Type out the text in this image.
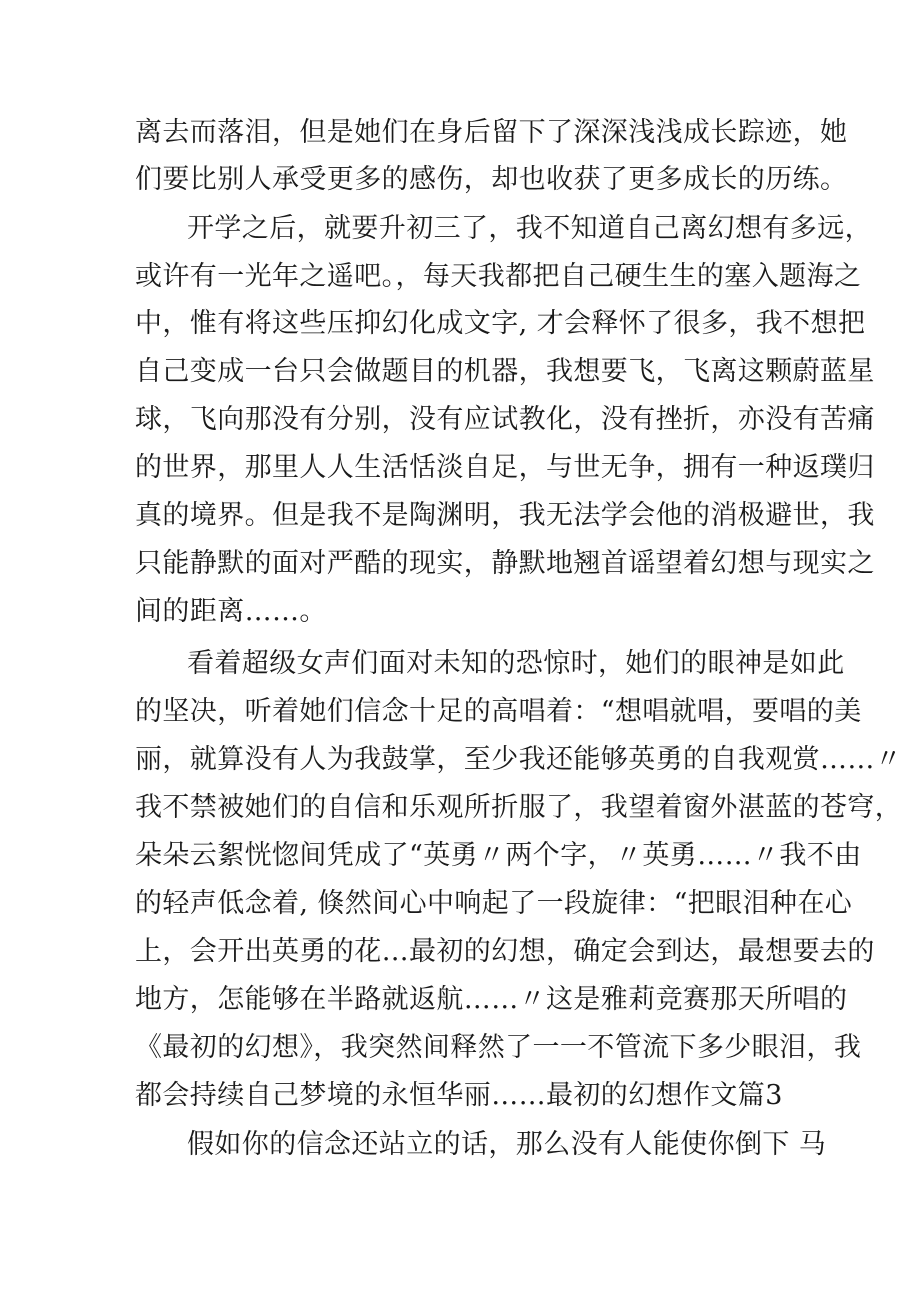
离去而落泪，但是她们在身后留下了深深浅浅成长踪迹，她
们要比别人承受更多的感伤，却也收获了更多成长的历练。
开学之后，就要升初三了，我不知道自己离幻想有多远，
或许有一光年之遥吧。，每天我都把自己硬生生的塞入题海之
中，惟有将这些压抑幻化成文字, 才会释怀了很多，我不想把
自己变成一台只会做题目的机器，我想要飞，飞离这颗蔚蓝星
球，飞向那没有分别，没有应试教化，没有挫折，亦没有苦痛
的世界，那里人人生活恬淡自足，与世无争，拥有一种返璞归
真的境界。但是我不是陶渊明，我无法学会他的消极避世，我
只能静默的面对严酷的现实，静默地翘首谣望着幻想与现实之
间的距离……。
看着超级女声们面对未知的恐惊时，她们的眼神是如此
的坚决，听着她们信念十足的高唱着：“想唱就唱，要唱的美
丽，就算没有人为我鼓掌，至少我还能够英勇的自我观赏……〃
我不禁被她们的自信和乐观所折服了，我望着窗外湛蓝的苍穹，
朵朵云絮恍惚间凭成了“英勇〃两个字，〃英勇……〃我不由
的轻声低念着, 倏然间心中响起了一段旋律：“把眼泪种在心
上，会开出英勇的花…最初的幻想，确定会到达，最想要去的
地方，怎能够在半路就返航……〃这是雅莉竞赛那天所唱的
《最初的幻想》，我突然间释然了一一不管流下多少眼泪，我
都会持续自己梦境的永恒华丽……最初的幻想作文篇3
假如你的信念还站立的话，那么没有人能使你倒下 马
